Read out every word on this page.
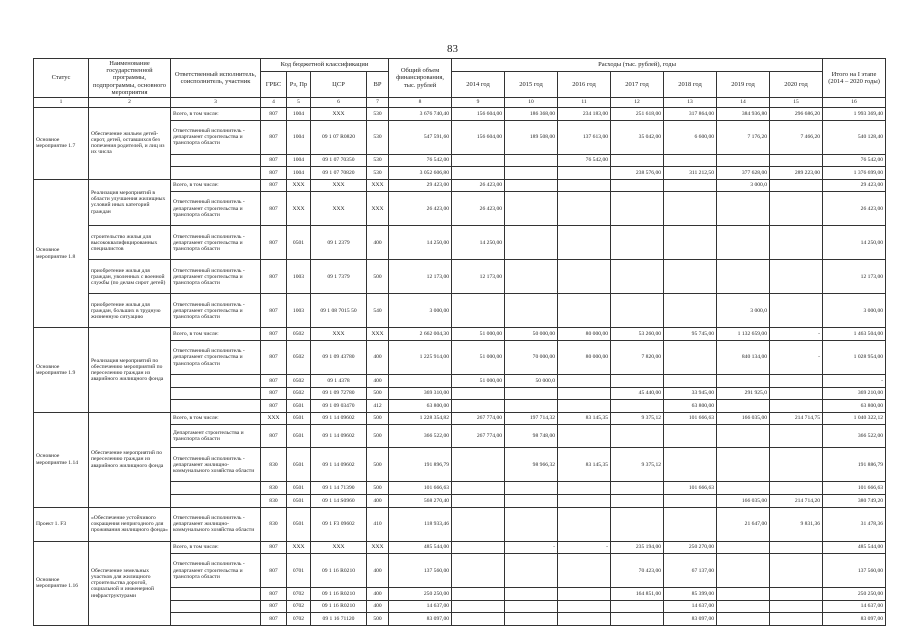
83
Статус	Наименование государственной программы, подпрограммы, основного мероприятия	Ответственный исполнитель, соисполнитель, участник	Код бюджетной классификации				Общий объем финансирования, тыс. рублей	Расходы (тыс. рублей), годы							Итого на I этапе (2014 – 2020 годы)
			ГРБС	Рз, Пр	ЦСР	ВР		2014 год	2015 год	2016 год	2017 год	2018 год	2019 год	2020 год	
1	2	3	4	5	6	7	8	9	10	11	12	13	14	15	16
Основное мероприятие 1.7	Обеспечение жильем детей-сирот, детей, оставшихся без попечения родителей, и лиц из их числа	Всего, в том числе:	807	1004	XXX	530	3 676 740,40	156 604,00	186 368,00	234 183,00	251 618,00	317 864,00	384 936,80	296 686,20	1 993 369,40
		Ответственный исполнитель - департамент строительства и транспорта области	807	1004	09 1 07 R0820	530	547 591,60	156 604,00	189 508,00	137 613,00	35 042,00	6 600,00	7 176,20	7 466,20	540 128,40
			807	1004	09 1 07 70350	530	76 542,00			76 542,00					76 542,00
			807	1004	09 1 07 70820	530	3 052 606,80				238 576,00	311 212,50	377 628,00	289 223,00	1 376 699,00
Основное мероприятие 1.8	Реализация мероприятий в области улучшения жилищных условий иных категорий граждан	Всего, в том числе:	807	XXX	XXX	XXX	29 423,00	26 423,00					3 000,0		29 423,00
		Ответственный исполнитель - департамент строительства и транспорта области	807	XXX	XXX	XXX	26 423,00	26 423,00							26 423,00
	строительство жилья для высококвалифицированных специалистов	Ответственный исполнитель - департамент строительства и транспорта области	807	0501	09 1 2379	400	14 250,00	14 250,00							14 250,00
	приобретение жилья для граждан, уволенных с военной службы (по делам сирот детей)	Ответственный исполнитель - департамент строительства и транспорта области	807	1003	09 1 7379	500	12 173,00	12 173,00							12 173,00
	приобретение жилья для граждан, больших в трудную жизненную ситуацию	Ответственный исполнитель - департамент строительства и транспорта области	807	1003	09 1 08 7015 50	540	3 000,00						3 000,0		3 000,00
Основное мероприятие 1.9	Реализация мероприятий по обеспечению мероприятий по переселению граждан из аварийного жилищного фонда	Всего, в том числе:	807	0502	XXX	XXX	2 662 004,30	51 000,00	50 000,00	80 000,00	53 260,00	95 745,00	1 132 659,00	-	1 463 504,00
		Ответственный исполнитель - департамент строительства и транспорта области	807	0502	09 1 09 43780	400	1 225 914,00	51 000,00	70 000,00	80 000,00	7 820,00		840 134,00	-	1 028 954,00
			807	0502	09 1 4378	400		51 000,00	50 000,0						-
			807	0502	09 1 09 72780	500	369 310,00				45 440,00	33 945,00	291 925,0		369 210,00
			807	0501	09 1 09 03470	412	63 800,00					63 800,00			63 800,00
Основное мероприятие 1.14	Обеспечение мероприятий по переселению граждан из аварийного жилищного фонда	Всего, в том числе:	XXX	0501	09 1 14 09602	500	1 228 354,82	267 774,00	197 714,32	83 145,35	9 375,12	101 666,63	166 035,00	214 714,75	1 040 322,12
		Департамент строительства и транспорта области	807	0501	09 1 14 09602	500	366 522,00	267 774,00	98 748,00						366 522,00
		Ответственный исполнитель - департамент жилищно-коммунального хозяйства области	830	0501	09 1 14 09602	500	191 896,79		98 966,32	83 145,35	9 375,12				191 886,79
			830	0501	09 1 14 71390	500	101 666,63					101 666,63			101 666,63
			830	0501	09 1 14 S0960	400	568 270,40						166 035,00	214 714,20	380 749,20
Проект 1. F3	«Обеспечение устойчивого сокращения непригодного для проживания жилищного фонда»	Ответственный исполнитель - департамент жилищно-коммунального хозяйства области	830	0501	09 1 F3 09602	410	118 933,46						21 647,00	9 831,36	31 478,36
Основное мероприятие 1.16	Обеспечение земельных участков для жилищного строительства дорогой, социальной и инженерной инфраструктурами	Всего, в том числе:	807	XXX	XXX	XXX	485 544,00		-	-	235 194,00	250 270,00			485 544,00
		Ответственный исполнитель - департамент строительства и транспорта области	807	0701	09 1 16 R0210	400	137 560,00				70 423,00	67 137,00			137 560,00
			807	0702	09 1 16 R0210	400	250 250,00				164 851,00	85 399,00			250 250,00
			807	0702	09 1 16 R0210	400	14 637,00					14 637,00			14 637,00
			807	0702	09 1 16 71120	500	83 097,00					83 097,00			83 097,00
